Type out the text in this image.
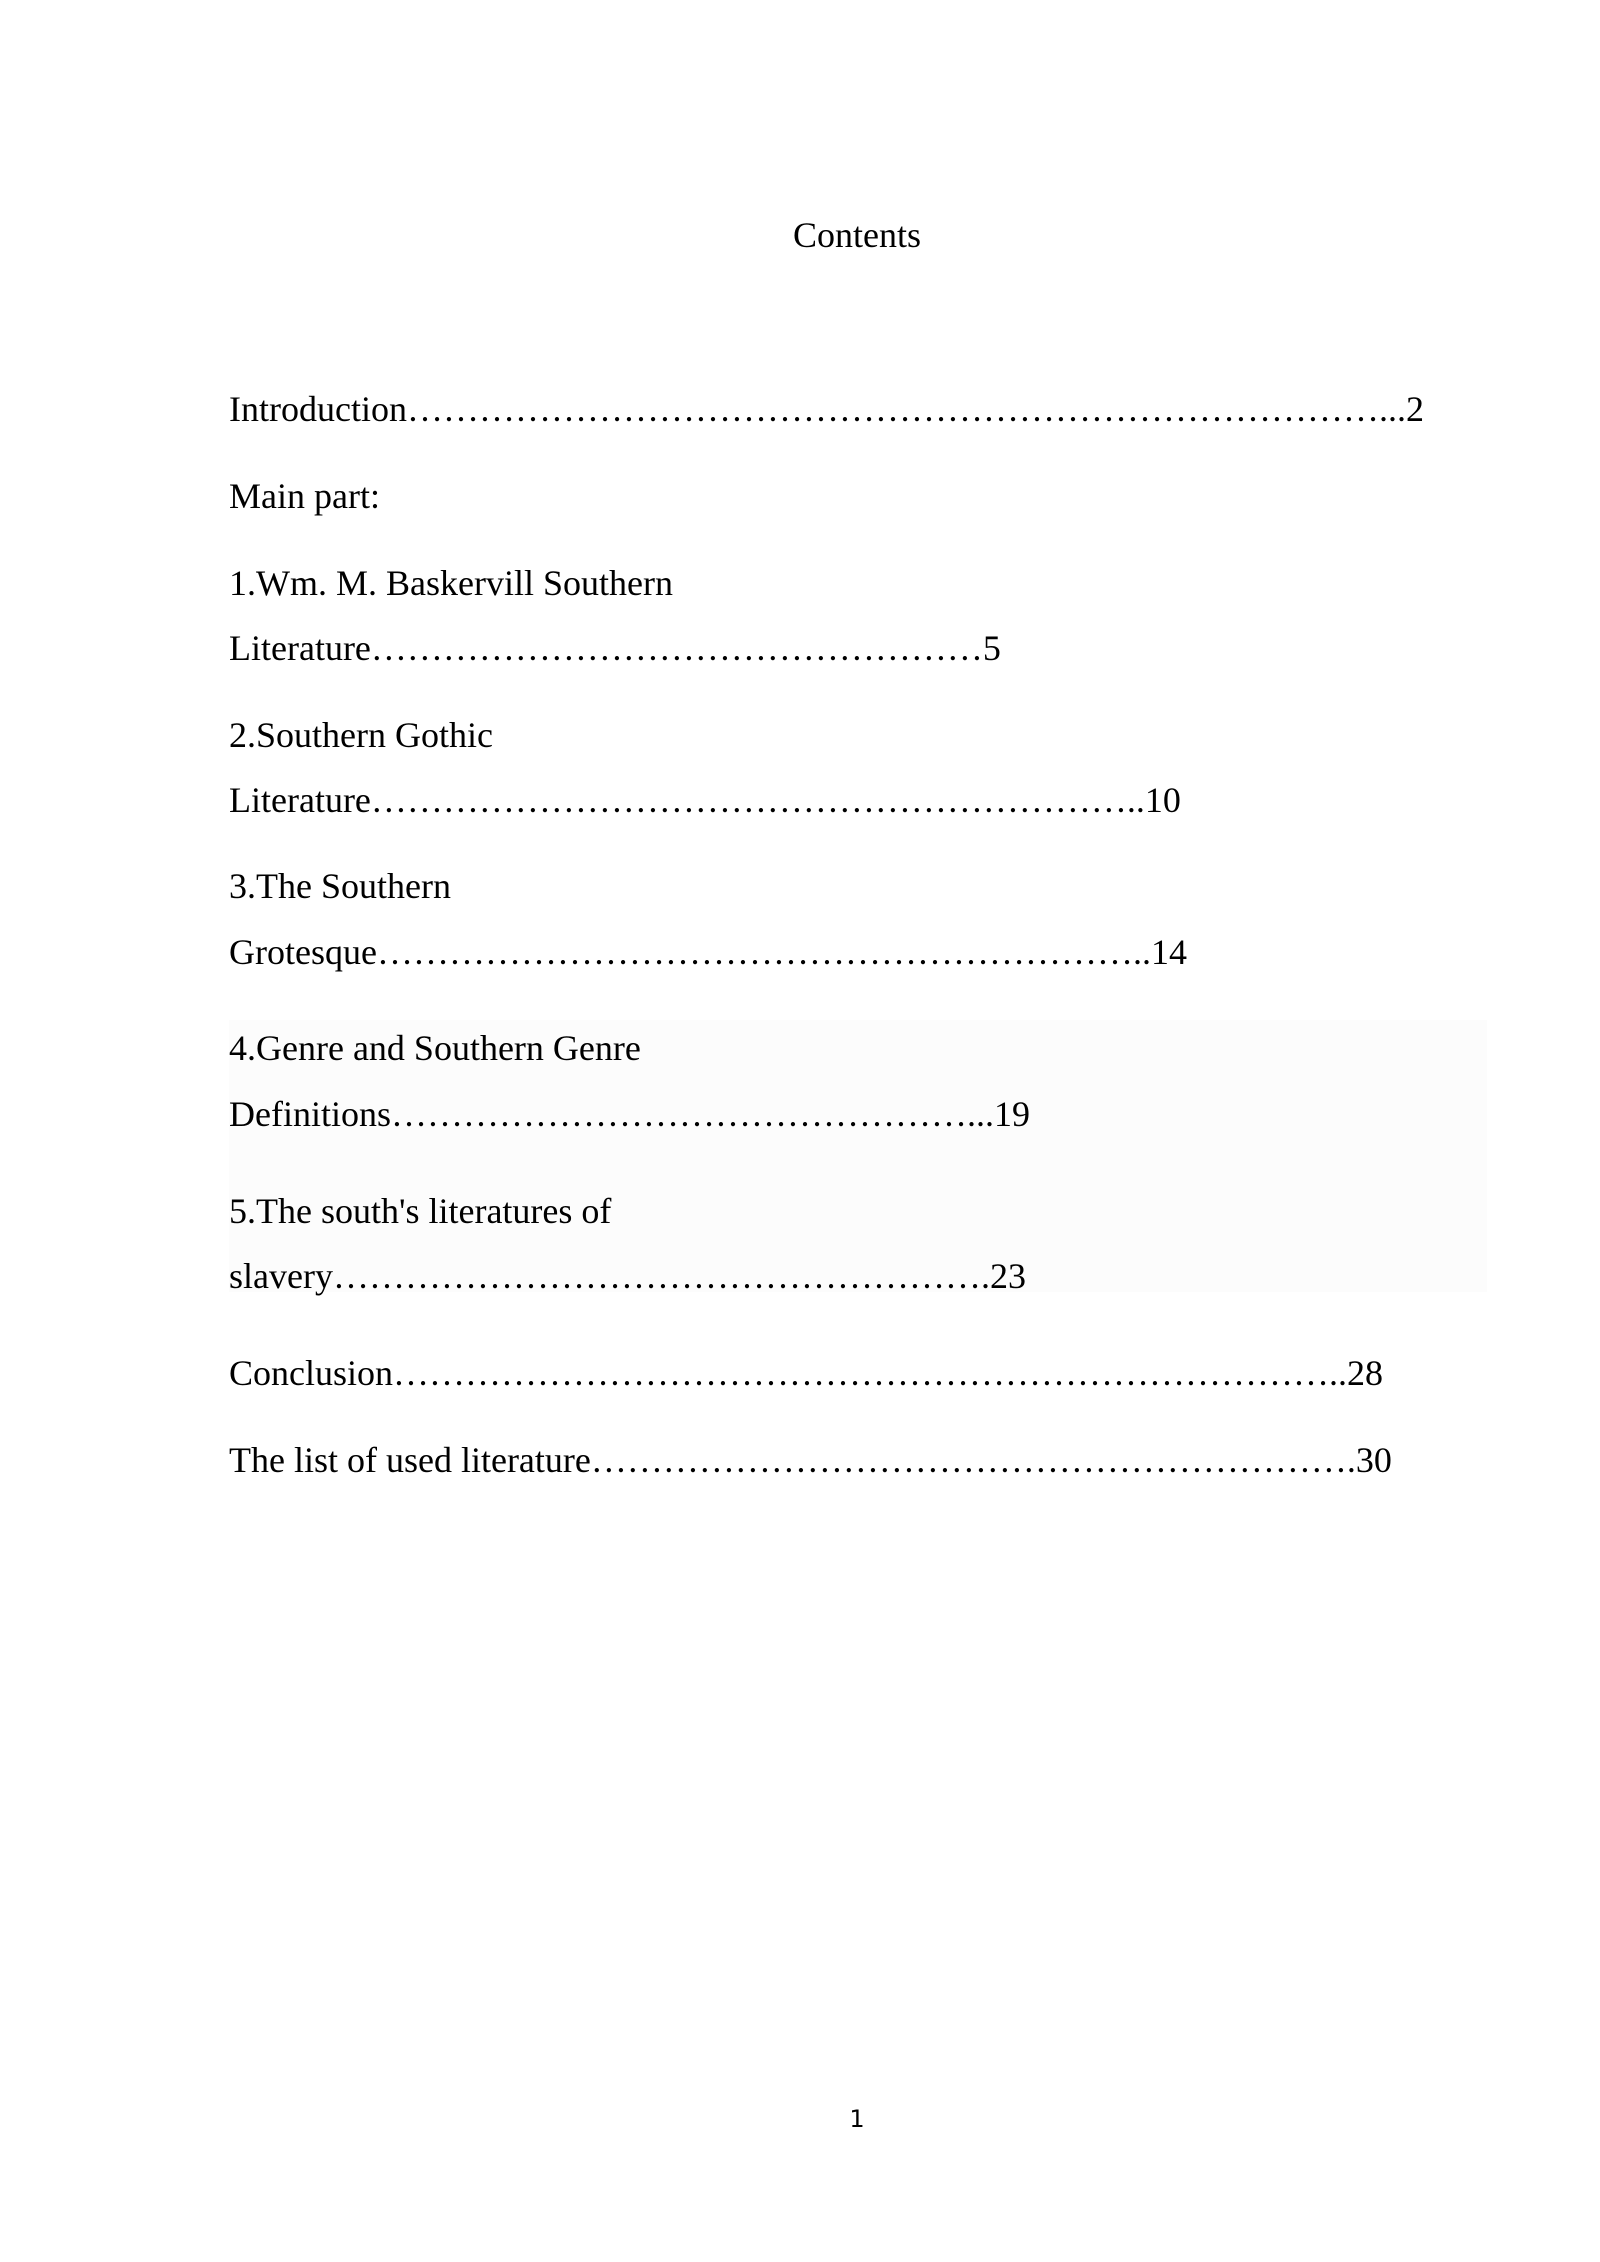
Contents
Introduction………………………………………………………………………...2
Main part:
1.Wm. M. Baskervill Southern
Literature……………………………………………5
2.Southern Gothic
Literature………………………………………………………..10
3.The Southern
Grotesque………………………………………………………..14
4.Genre and Southern Genre
Definitions…………………………………………...19
5.The south's literatures of
slavery……………………………………………….23
Conclusion……………………………………………………………………..28
The list of used literature……………………………………………………….30
1
